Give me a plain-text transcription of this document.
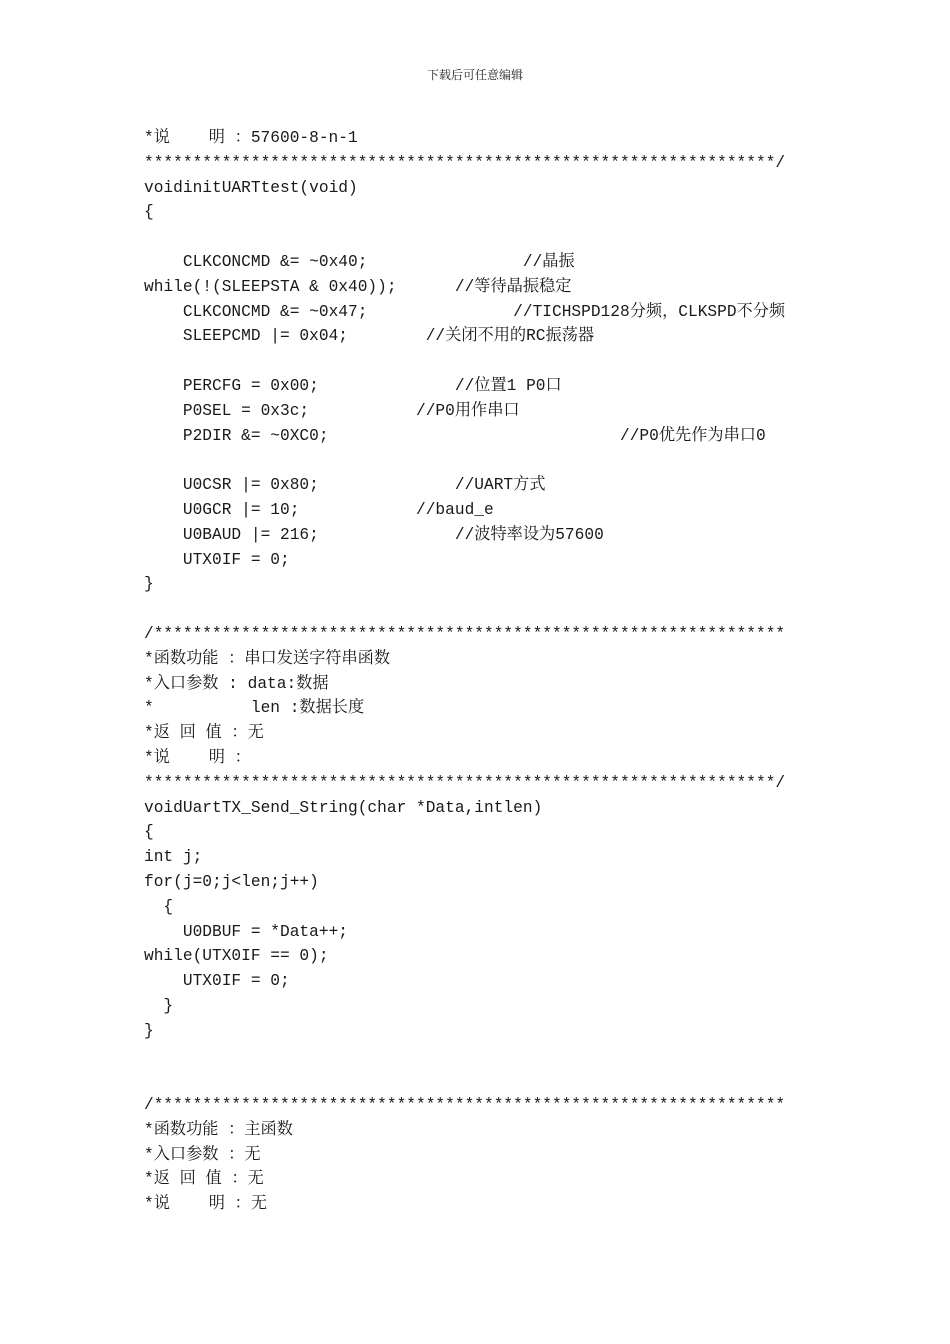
下载后可任意编辑
*说    明 ：57600-8-n-1
*****************************************************************/
voidinitUARTtest(void)
{
CLKCONCMD &= ~0x40;                //晶振
while(!(SLEEPSTA & 0x40));      //等待晶振稳定
CLKCONCMD &= ~0x47;               //TICHSPD128分频，CLKSPD不分频
SLEEPCMD |= 0x04;        //关闭不用的RC振荡器
PERCFG = 0x00;              //位置1 P0口
P0SEL = 0x3c;           //P0用作串口
P2DIR &= ~0XC0;                              //P0优先作为串口0
U0CSR |= 0x80;              //UART方式
U0GCR |= 10;            //baud_e
U0BAUD |= 216;              //波特率设为57600
UTX0IF = 0;
}
/*****************************************************************
*函数功能 ：串口发送字符串函数
*入口参数 : data:数据
*          len :数据长度
*返 回 值 ：无
*说    明 ：
*****************************************************************/
voidUartTX_Send_String(char *Data,intlen)
{
int j;
for(j=0;j<len;j++)
{
U0DBUF = *Data++;
while(UTX0IF == 0);
UTX0IF = 0;
}
}
/*****************************************************************
*函数功能 ：主函数
*入口参数 ：无
*返 回 值 ：无
*说    明 ：无
